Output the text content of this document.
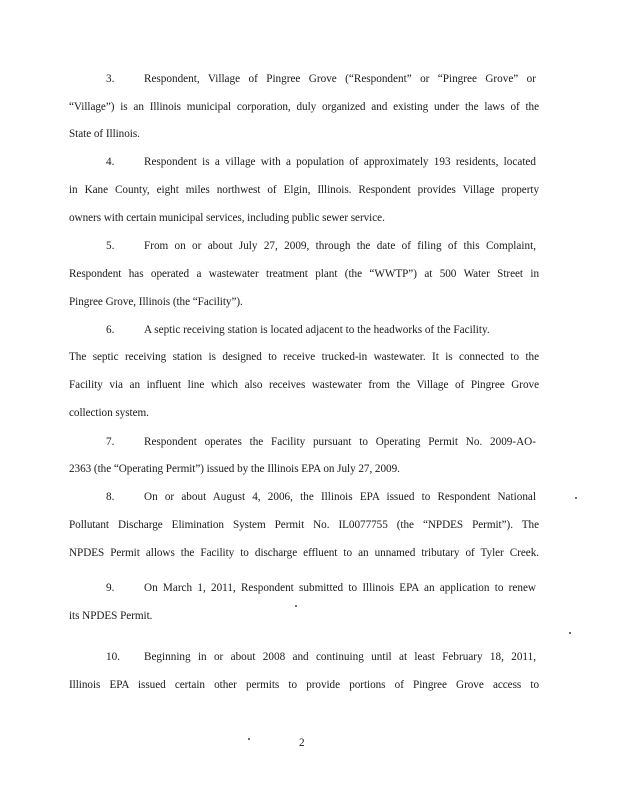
3.	Respondent, Village of Pingree Grove (“Respondent” or “Pingree Grove” or
“Village”) is an Illinois municipal corporation, duly organized and existing under the laws of the
State of Illinois.
4.	Respondent is a village with a population of approximately 193 residents, located
in Kane County, eight miles northwest of Elgin, Illinois. Respondent provides Village property
owners with certain municipal services, including public sewer service.
5.	From on or about July 27, 2009, through the date of filing of this Complaint,
Respondent has operated a wastewater treatment plant (the “WWTP”) at 500 Water Street in
Pingree Grove, Illinois (the “Facility”).
6.	A septic receiving station is located adjacent to the headworks of the Facility.
The septic receiving station is designed to receive trucked-in wastewater. It is connected to the
Facility via an influent line which also receives wastewater from the Village of Pingree Grove
collection system.
7.	Respondent operates the Facility pursuant to Operating Permit No. 2009-AO-
2363 (the “Operating Permit”) issued by the Illinois EPA on July 27, 2009.
8.	On or about August 4, 2006, the Illinois EPA issued to Respondent National
Pollutant Discharge Elimination System Permit No. IL0077755 (the “NPDES Permit”). The
NPDES Permit allows the Facility to discharge effluent to an unnamed tributary of Tyler Creek.
9.	On March 1, 2011, Respondent submitted to Illinois EPA an application to renew
its NPDES Permit.
10. Beginning in or about 2008 and continuing until at least February 18, 2011,
Illinois EPA issued certain other permits to provide portions of Pingree Grove access to
2
